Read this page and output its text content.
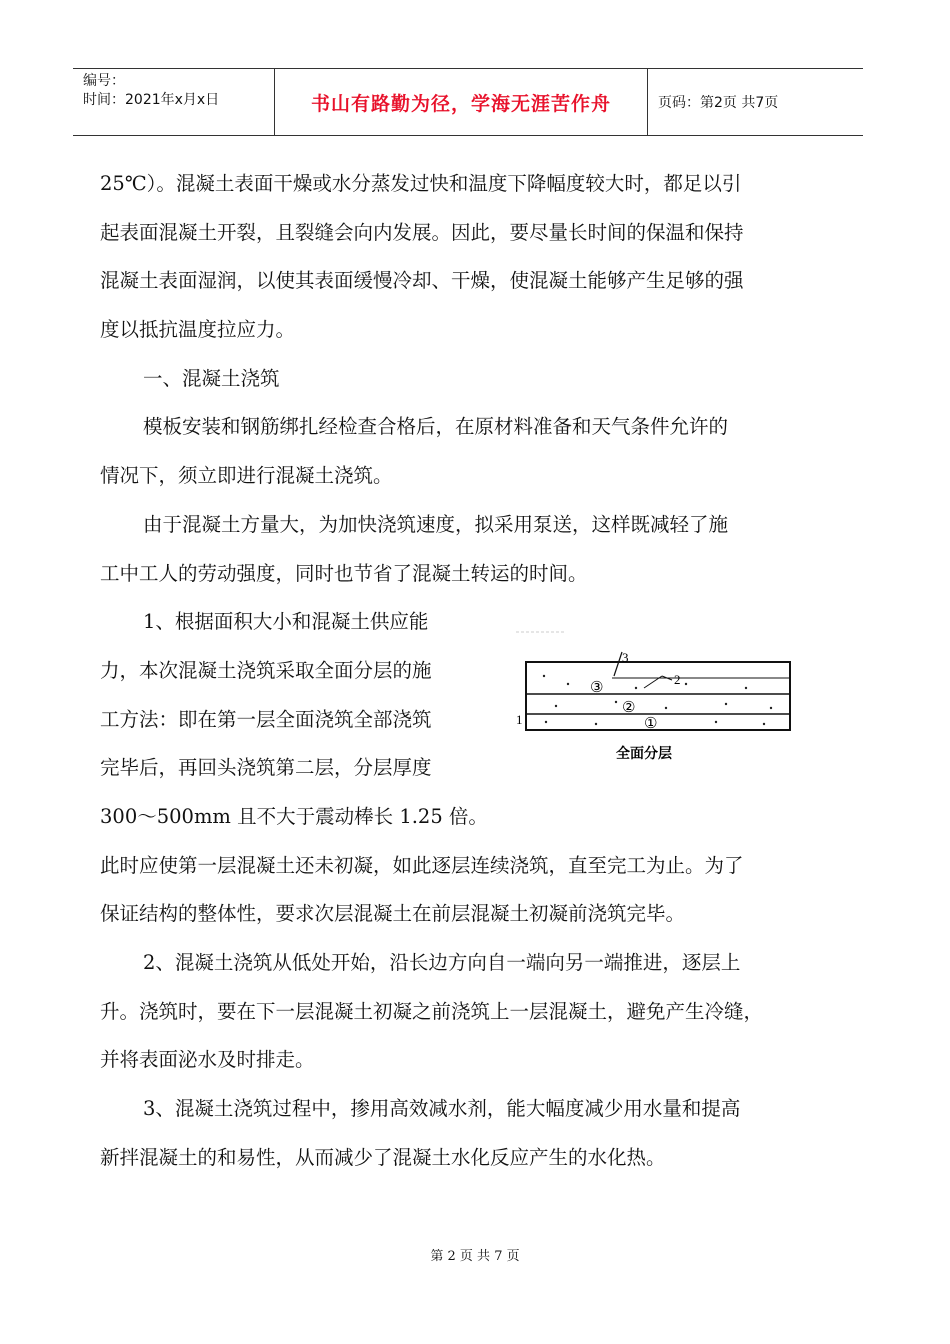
编号：
时间：2021年x月x日	书山有路勤为径，学海无涯苦作舟	页码：第2页 共7页
25℃）。混凝土表面干燥或水分蒸发过快和温度下降幅度较大时，都足以引
起表面混凝土开裂，且裂缝会向内发展。因此，要尽量长时间的保温和保持
混凝土表面湿润，以使其表面缓慢冷却、干燥，使混凝土能够产生足够的强
度以抵抗温度拉应力。
一、混凝土浇筑
模板安装和钢筋绑扎经检查合格后，在原材料准备和天气条件允许的
情况下，须立即进行混凝土浇筑。
由于混凝土方量大，为加快浇筑速度，拟采用泵送，这样既减轻了施
工中工人的劳动强度，同时也节省了混凝土转运的时间。
1、根据面积大小和混凝土供应能
力，本次混凝土浇筑采取全面分层的施
工方法：即在第一层全面浇筑全部浇筑
完毕后，再回头浇筑第二层，分层厚度
300～500mm 且不大于震动棒长 1.25 倍。
此时应使第一层混凝土还未初凝，如此逐层连续浇筑，直至完工为止。为了
保证结构的整体性，要求次层混凝土在前层混凝土初凝前浇筑完毕。
2、混凝土浇筑从低处开始，沿长边方向自一端向另一端推进，逐层上
升。浇筑时，要在下一层混凝土初凝之前浇筑上一层混凝土，避免产生冷缝，
并将表面泌水及时排走。
3、混凝土浇筑过程中，掺用高效减水剂，能大幅度减少用水量和提高
新拌混凝土的和易性，从而减少了混凝土水化反应产生的水化热。
3
2
1
③
②
①
全面分层
第 2 页 共 7 页
